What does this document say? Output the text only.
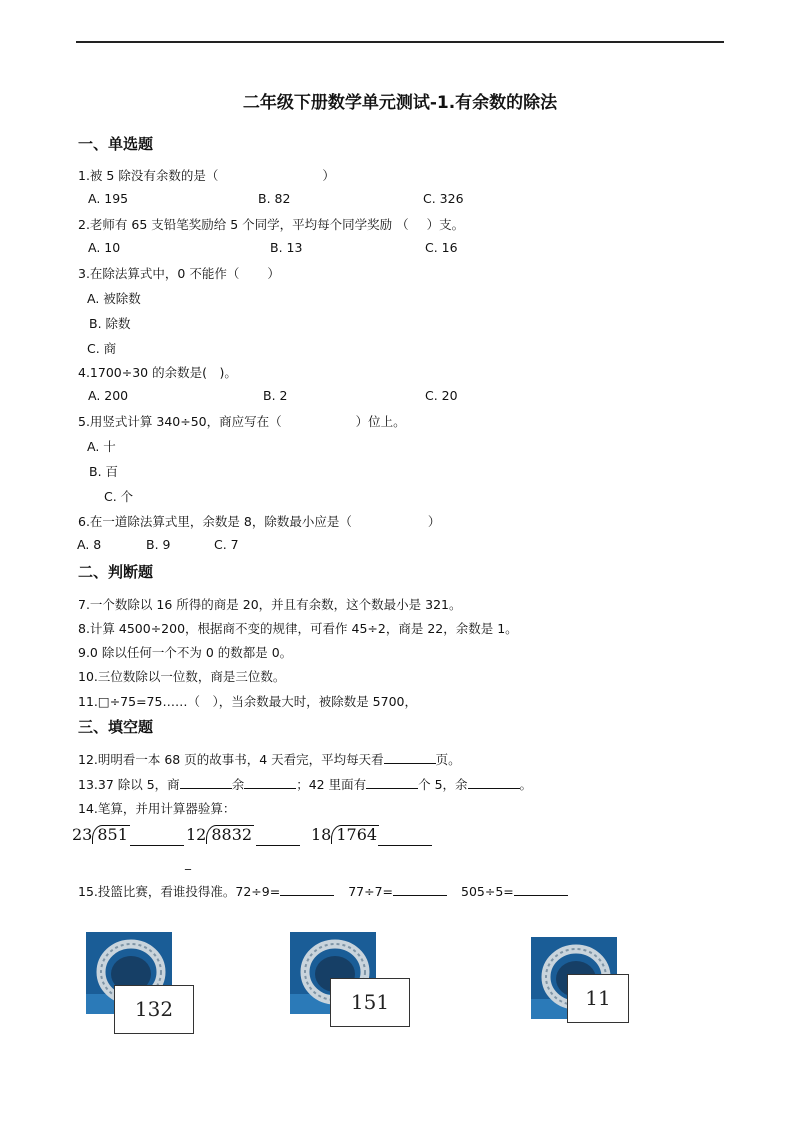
二年级下册数学单元测试-1.有余数的除法
一、单选题
1.被 5 除没有余数的是（	）
A. 195	B. 82	C. 326
2.老师有 65 支铅笔奖励给 5 个同学，平均每个同学奖励 （ ）支。
A. 10	B. 13	C. 16
3.在除法算式中，0 不能作（ ）
A. 被除数
B. 除数
C. 商
4.1700÷30 的余数是(　)。
A. 200	B. 2	C. 20
5.用竖式计算 340÷50，商应写在（	）位上。
A. 十
B. 百
C. 个
6.在一道除法算式里，余数是 8，除数最小应是（	）
A. 8	B. 9	C. 7
二、判断题
7.一个数除以 16 所得的商是 20，并且有余数，这个数最小是 321。
8.计算 4500÷200，根据商不变的规律，可看作 45÷2，商是 22，余数是 1。
9.0 除以任何一个不为 0 的数都是 0。
10.三位数除以一位数，商是三位数。
11.□÷75=75……（　），当余数最大时，被除数是 5700，
三、填空题
12.明明看一本 68 页的故事书，4 天看完，平均每天看	页。
13.37 除以 5，商	余	；42 里面有	个 5，余	。
14.笔算，并用计算器验算：
23 851	12 8832	18 1764
_
15.投篮比赛，看谁投得准。72÷9=	77÷7=	505÷5=
132	151	11
